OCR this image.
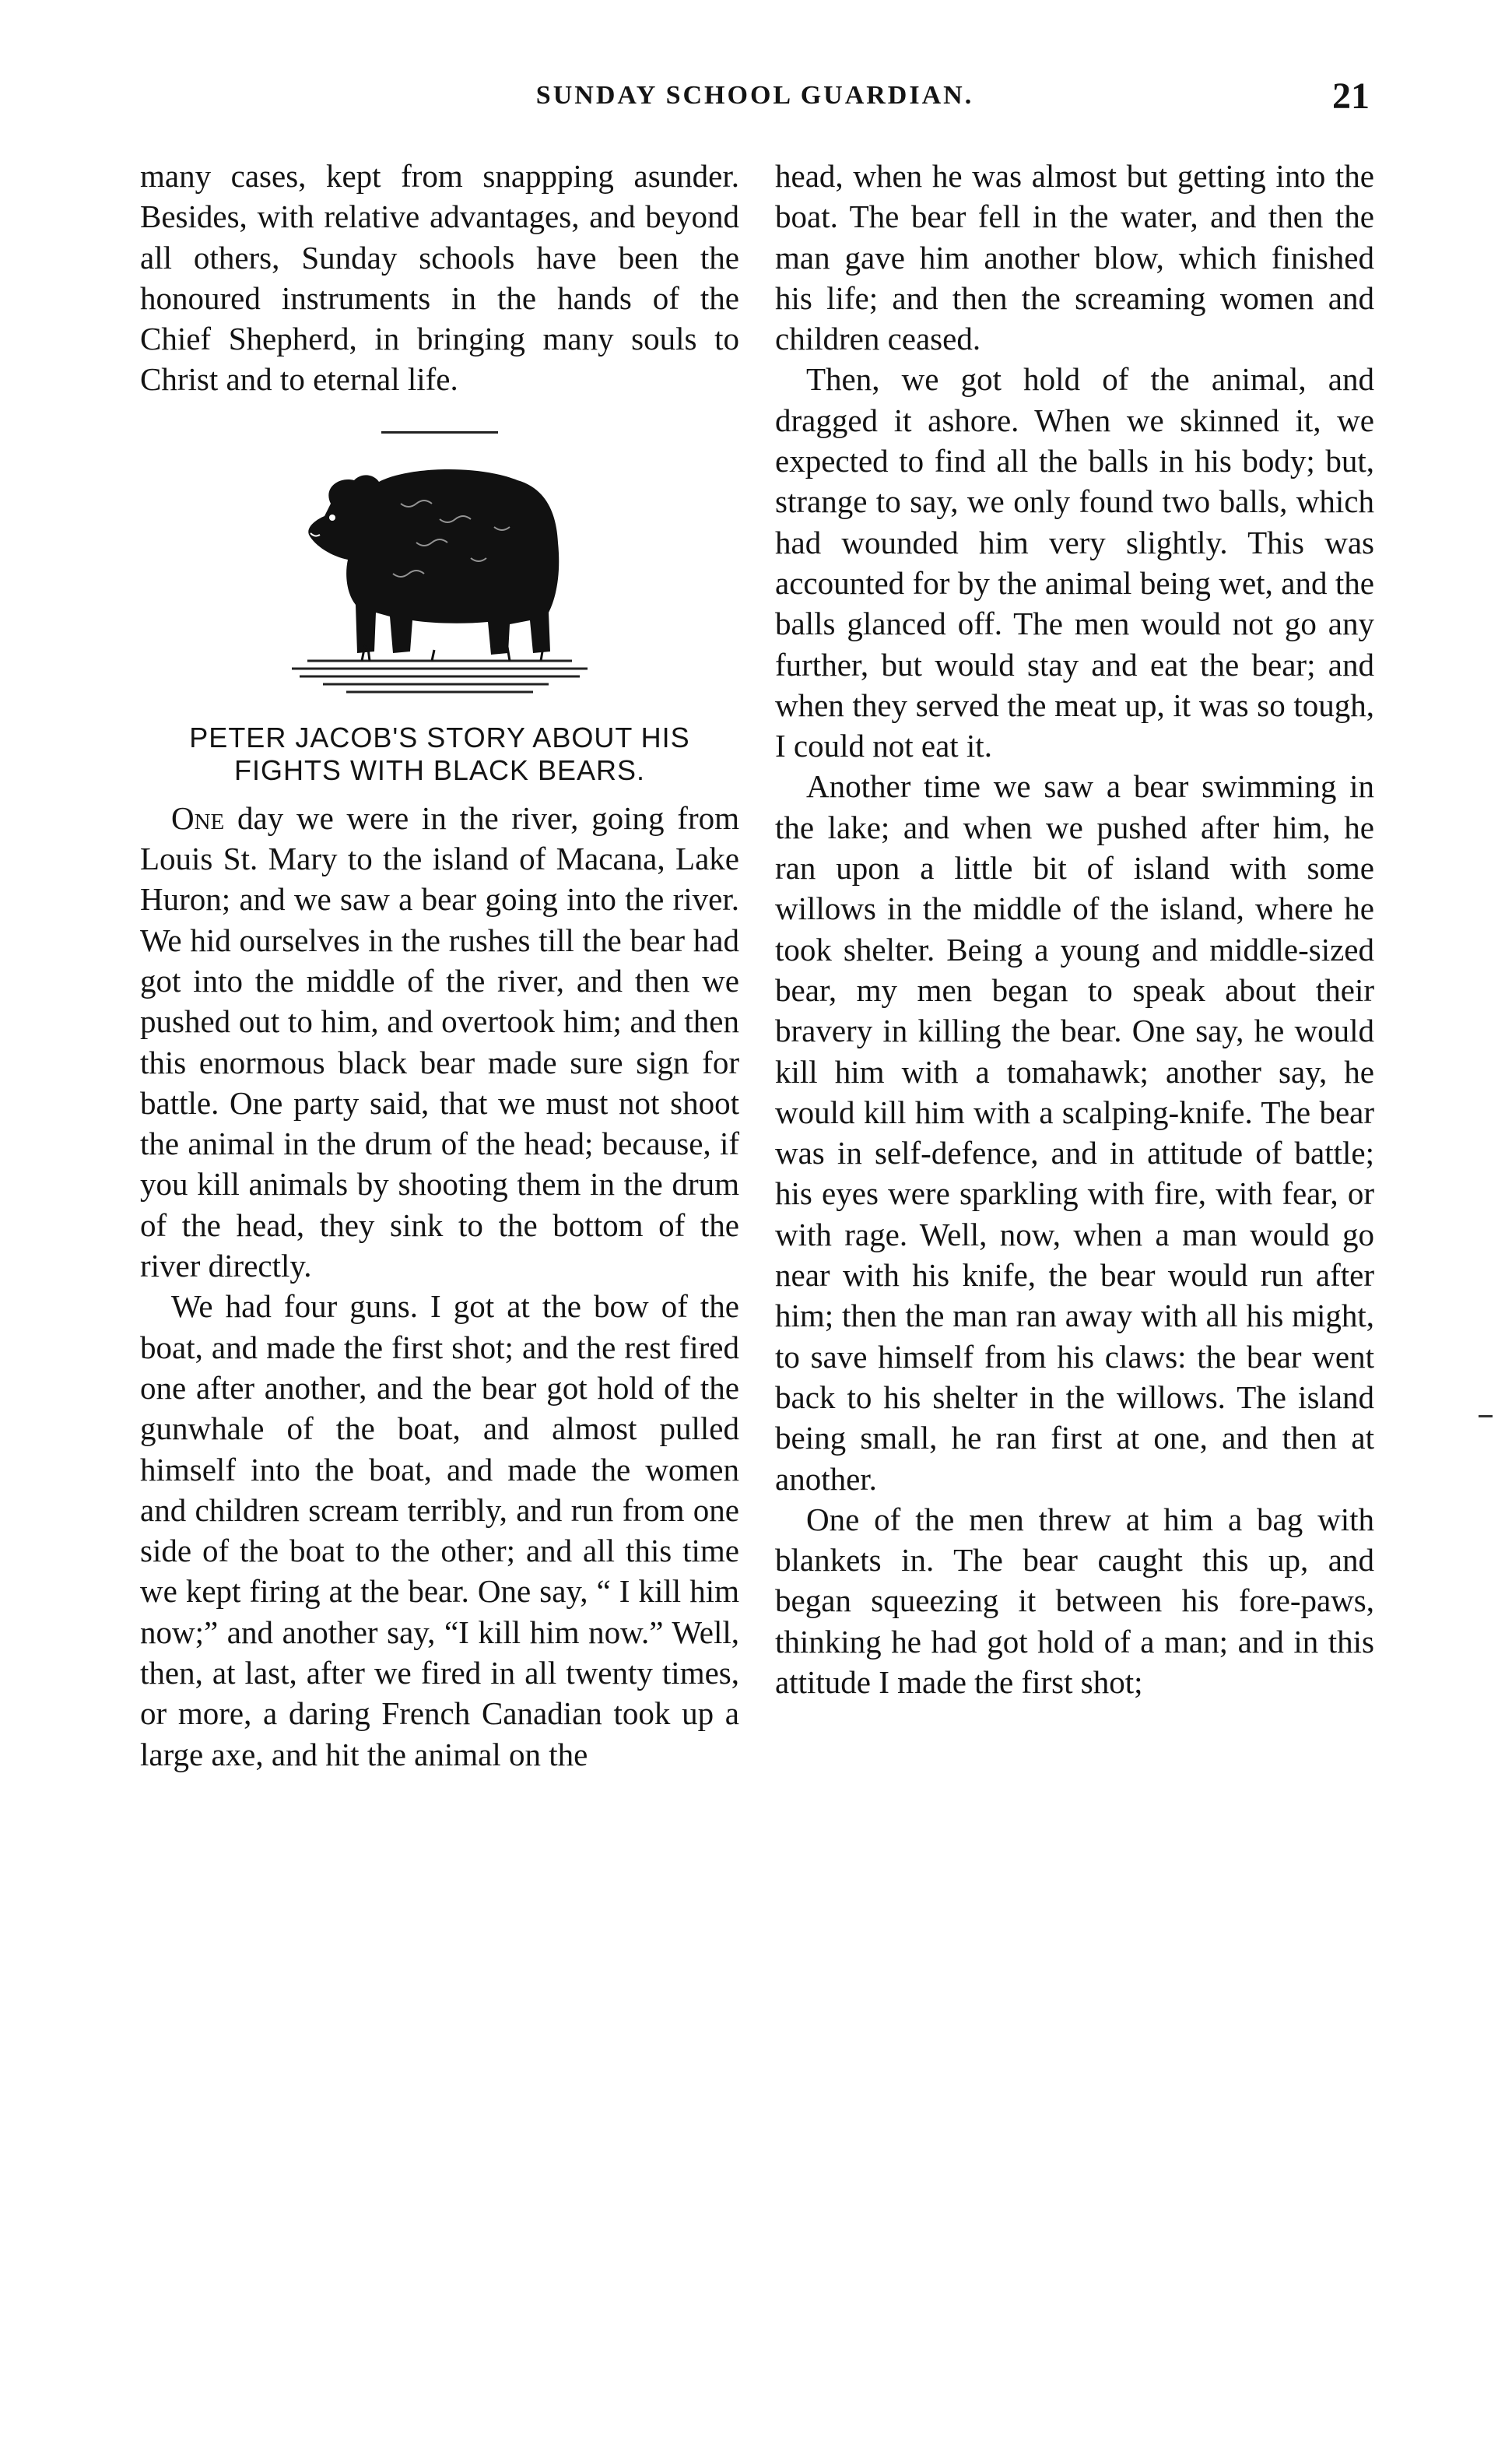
SUNDAY SCHOOL GUARDIAN.	21

many cases, kept from snappping asunder. Besides, with relative advantages, and beyond all others, Sunday schools have been the honoured instruments in the hands of the Chief Shepherd, in bringing many souls to Christ and to eternal life.

PETER JACOB'S STORY ABOUT HIS
FIGHTS WITH BLACK BEARS.

One day we were in the river, going from Louis St. Mary to the island of Macana, Lake Huron; and we saw a bear going into the river. We hid ourselves in the rushes till the bear had got into the middle of the river, and then we pushed out to him, and overtook him; and then this enormous black bear made sure sign for battle. One party said, that we must not shoot the animal in the drum of the head; because, if you kill animals by shooting them in the drum of the head, they sink to the bottom of the river directly.

We had four guns. I got at the bow of the boat, and made the first shot; and the rest fired one after another, and the bear got hold of the gunwhale of the boat, and almost pulled himself into the boat, and made the women and children scream terribly, and run from one side of the boat to the other; and all this time we kept firing at the bear. One say, “ I kill him now;” and another say, “I kill him now.” Well, then, at last, after we fired in all twenty times, or more, a daring French Canadian took up a large axe, and hit the animal on the

head, when he was almost but getting into the boat. The bear fell in the water, and then the man gave him another blow, which finished his life; and then the screaming women and children ceased.

Then, we got hold of the animal, and dragged it ashore. When we skinned it, we expected to find all the balls in his body; but, strange to say, we only found two balls, which had wounded him very slightly. This was accounted for by the animal being wet, and the balls glanced off. The men would not go any further, but would stay and eat the bear; and when they served the meat up, it was so tough, I could not eat it.

Another time we saw a bear swimming in the lake; and when we pushed after him, he ran upon a little bit of island with some willows in the middle of the island, where he took shelter. Being a young and middle-sized bear, my men began to speak about their bravery in killing the bear. One say, he would kill him with a tomahawk; another say, he would kill him with a scalping-knife. The bear was in self-defence, and in attitude of battle; his eyes were sparkling with fire, with fear, or with rage. Well, now, when a man would go near with his knife, the bear would run after him; then the man ran away with all his might, to save himself from his claws: the bear went back to his shelter in the willows. The island being small, he ran first at one, and then at another.

One of the men threw at him a bag with blankets in. The bear caught this up, and began squeezing it between his fore-paws, thinking he had got hold of a man; and in this attitude I made the first shot;
